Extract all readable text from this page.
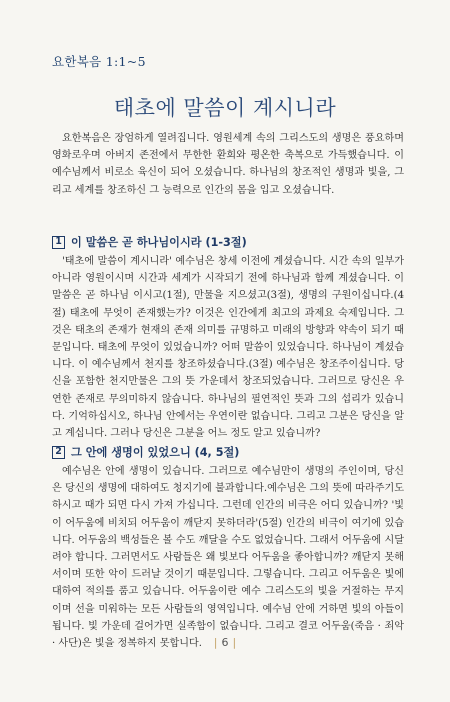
요한복음 1:1~5
태초에 말씀이 계시니라
요한복음은 장엄하게 열려집니다. 영원세계 속의 그리스도의 생명은 풍요하며 영화로우며 아버지 존전에서 무한한 환희와 평온한 축복으로 가득했습니다. 이 예수님께서 비로소 육신이 되어 오셨습니다. 하나님의 창조적인 생명과 빛을, 그리고 세계를 창조하신 그 능력으로 인간의 몸을 입고 오셨습니다.
1 이 말씀은 곧 하나님이시라 (1-3절)
'태초에 말씀이 계시니라' 예수님은 창세 이전에 계셨습니다. 시간 속의 일부가 아니라 영원이시며 시간과 세계가 시작되기 전에 하나님과 함께 계셨습니다. 이 말씀은 곧 하나님 이시고(1절), 만물을 지으셨고(3절), 생명의 구원이십니다.(4절) 태초에 무엇이 존재했는가? 이것은 인간에게 최고의 과제요 숙제입니다. 그것은 태초의 존재가 현재의 존재 의미를 규명하고 미래의 방향과 약속이 되기 때문입니다. 태초에 무엇이 있었습니까? 어떠 말씀이 있었습니다. 하나님이 계셨습니다. 이 예수님께서 천지를 창조하셨습니다.(3절) 예수님은 창조주이십니다. 당신을 포함한 천지만물은 그의 뜻 가운데서 창조되었습니다. 그러므로 당신은 우연한 존재로 무의미하지 않습니다. 하나님의 필연적인 뜻과 그의 섭리가 있습니다. 기억하십시오, 하나님 안에서는 우연이란 없습니다. 그리고 그분은 당신을 알고 계십니다. 그러나 당신은 그분을 어느 정도 알고 있습니까?
2 그 안에 생명이 있었으니 (4, 5절)
예수님은 안에 생명이 있습니다. 그러므로 예수님만이 생명의 주인이며, 당신은 당신의 생명에 대하여도 청지기에 불과합니다.예수님은 그의 뜻에 따라주기도 하시고 때가 되면 다시 가져 가십니다. 그런데 인간의 비극은 어디 있습니까? '빛이 어두움에 비치되 어두움이 깨닫지 못하더라'(5절) 인간의 비극이 여기에 있습니다. 어두움의 백성들은 볼 수도 깨달을 수도 없었습니다. 그래서 어두움에 시달려야 합니다. 그러면서도 사람들은 왜 빛보다 어두움을 좋아합니까? 깨닫지 못해서이며 또한 악이 드러날 것이기 때문입니다. 그렇습니다. 그리고 어두움은 빛에 대하여 적의를 품고 있습니다. 어두움이란 예수 그리스도의 빛을 거절하는 무지이며 선을 미워하는 모든 사람들의 영역입니다. 예수님 안에 거하면 빛의 아들이 됩니다. 빛 가운데 걸어가면 실족함이 없습니다. 그리고 결코 어두움(죽음 · 죄악 · 사단)은 빛을 정복하지 못합니다.	| 6 |
